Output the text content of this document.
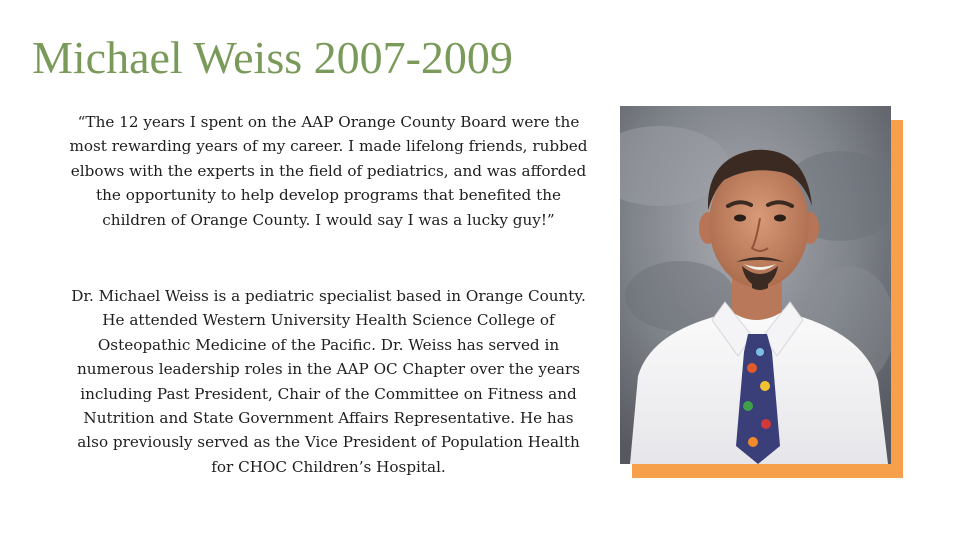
Michael Weiss 2007-2009

“The 12 years I spent on the AAP Orange County Board were the most rewarding years of my career. I made lifelong friends, rubbed elbows with the experts in the field of pediatrics, and was afforded the opportunity to help develop programs that benefited the children of Orange County. I would say I was a lucky guy!”

Dr. Michael Weiss is a pediatric specialist based in Orange County. He attended Western University Health Science College of Osteopathic Medicine of the Pacific. Dr. Weiss has served in numerous leadership roles in the AAP OC Chapter over the years including Past President, Chair of the Committee on Fitness and Nutrition and State Government Affairs Representative. He has also previously served as the Vice President of Population Health for CHOC Children’s Hospital.
